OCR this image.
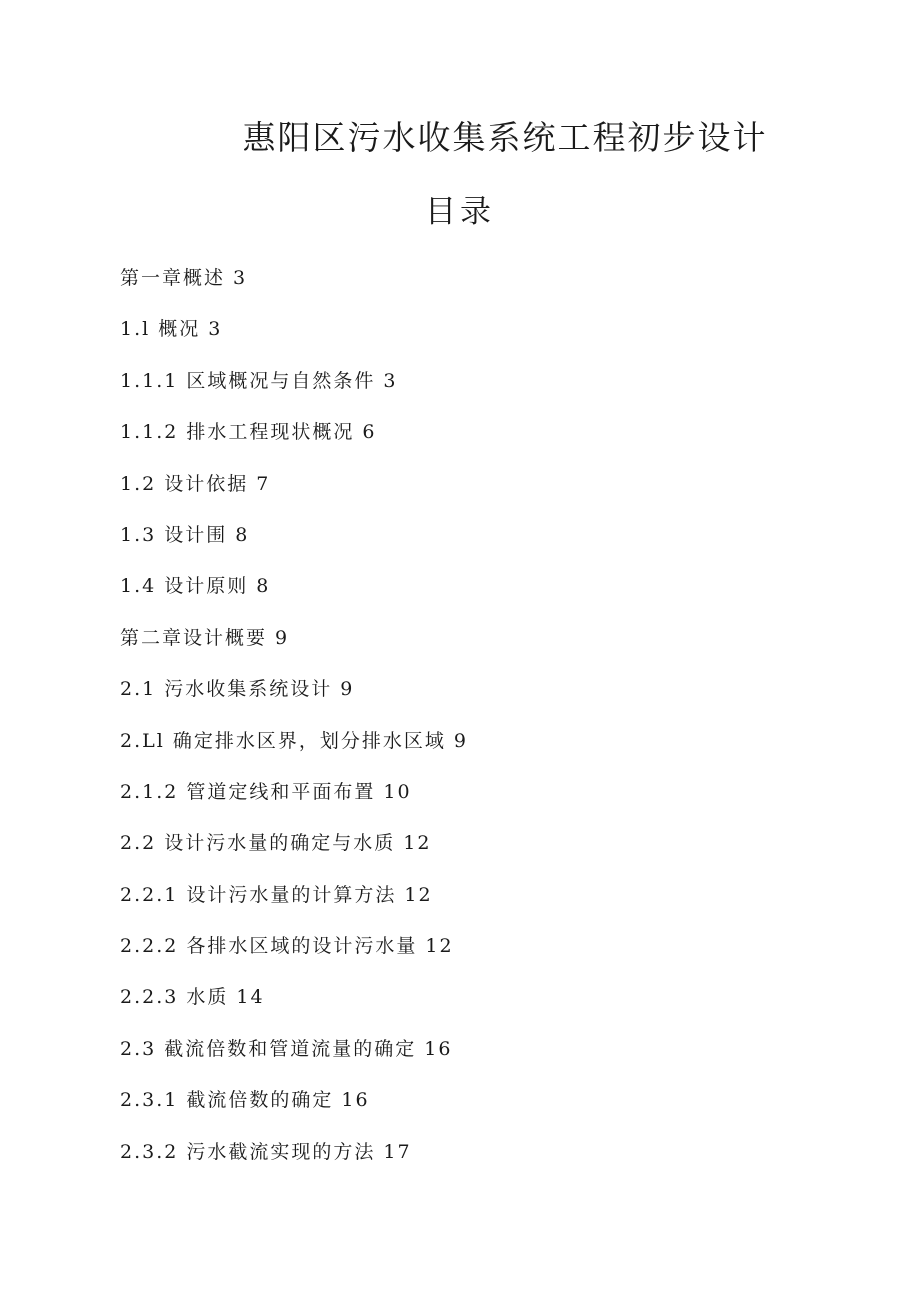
惠阳区污水收集系统工程初步设计
目录
第一章概述 3
1.l 概况 3
1.1.1 区域概况与自然条件 3
1.1.2 排水工程现状概况 6
1.2 设计依据 7
1.3 设计围 8
1.4 设计原则 8
第二章设计概要 9
2.1 污水收集系统设计 9
2.Ll 确定排水区界，划分排水区域 9
2.1.2 管道定线和平面布置 10
2.2 设计污水量的确定与水质 12
2.2.1 设计污水量的计算方法 12
2.2.2 各排水区域的设计污水量 12
2.2.3 水质 14
2.3 截流倍数和管道流量的确定 16
2.3.1 截流倍数的确定 16
2.3.2 污水截流实现的方法 17
